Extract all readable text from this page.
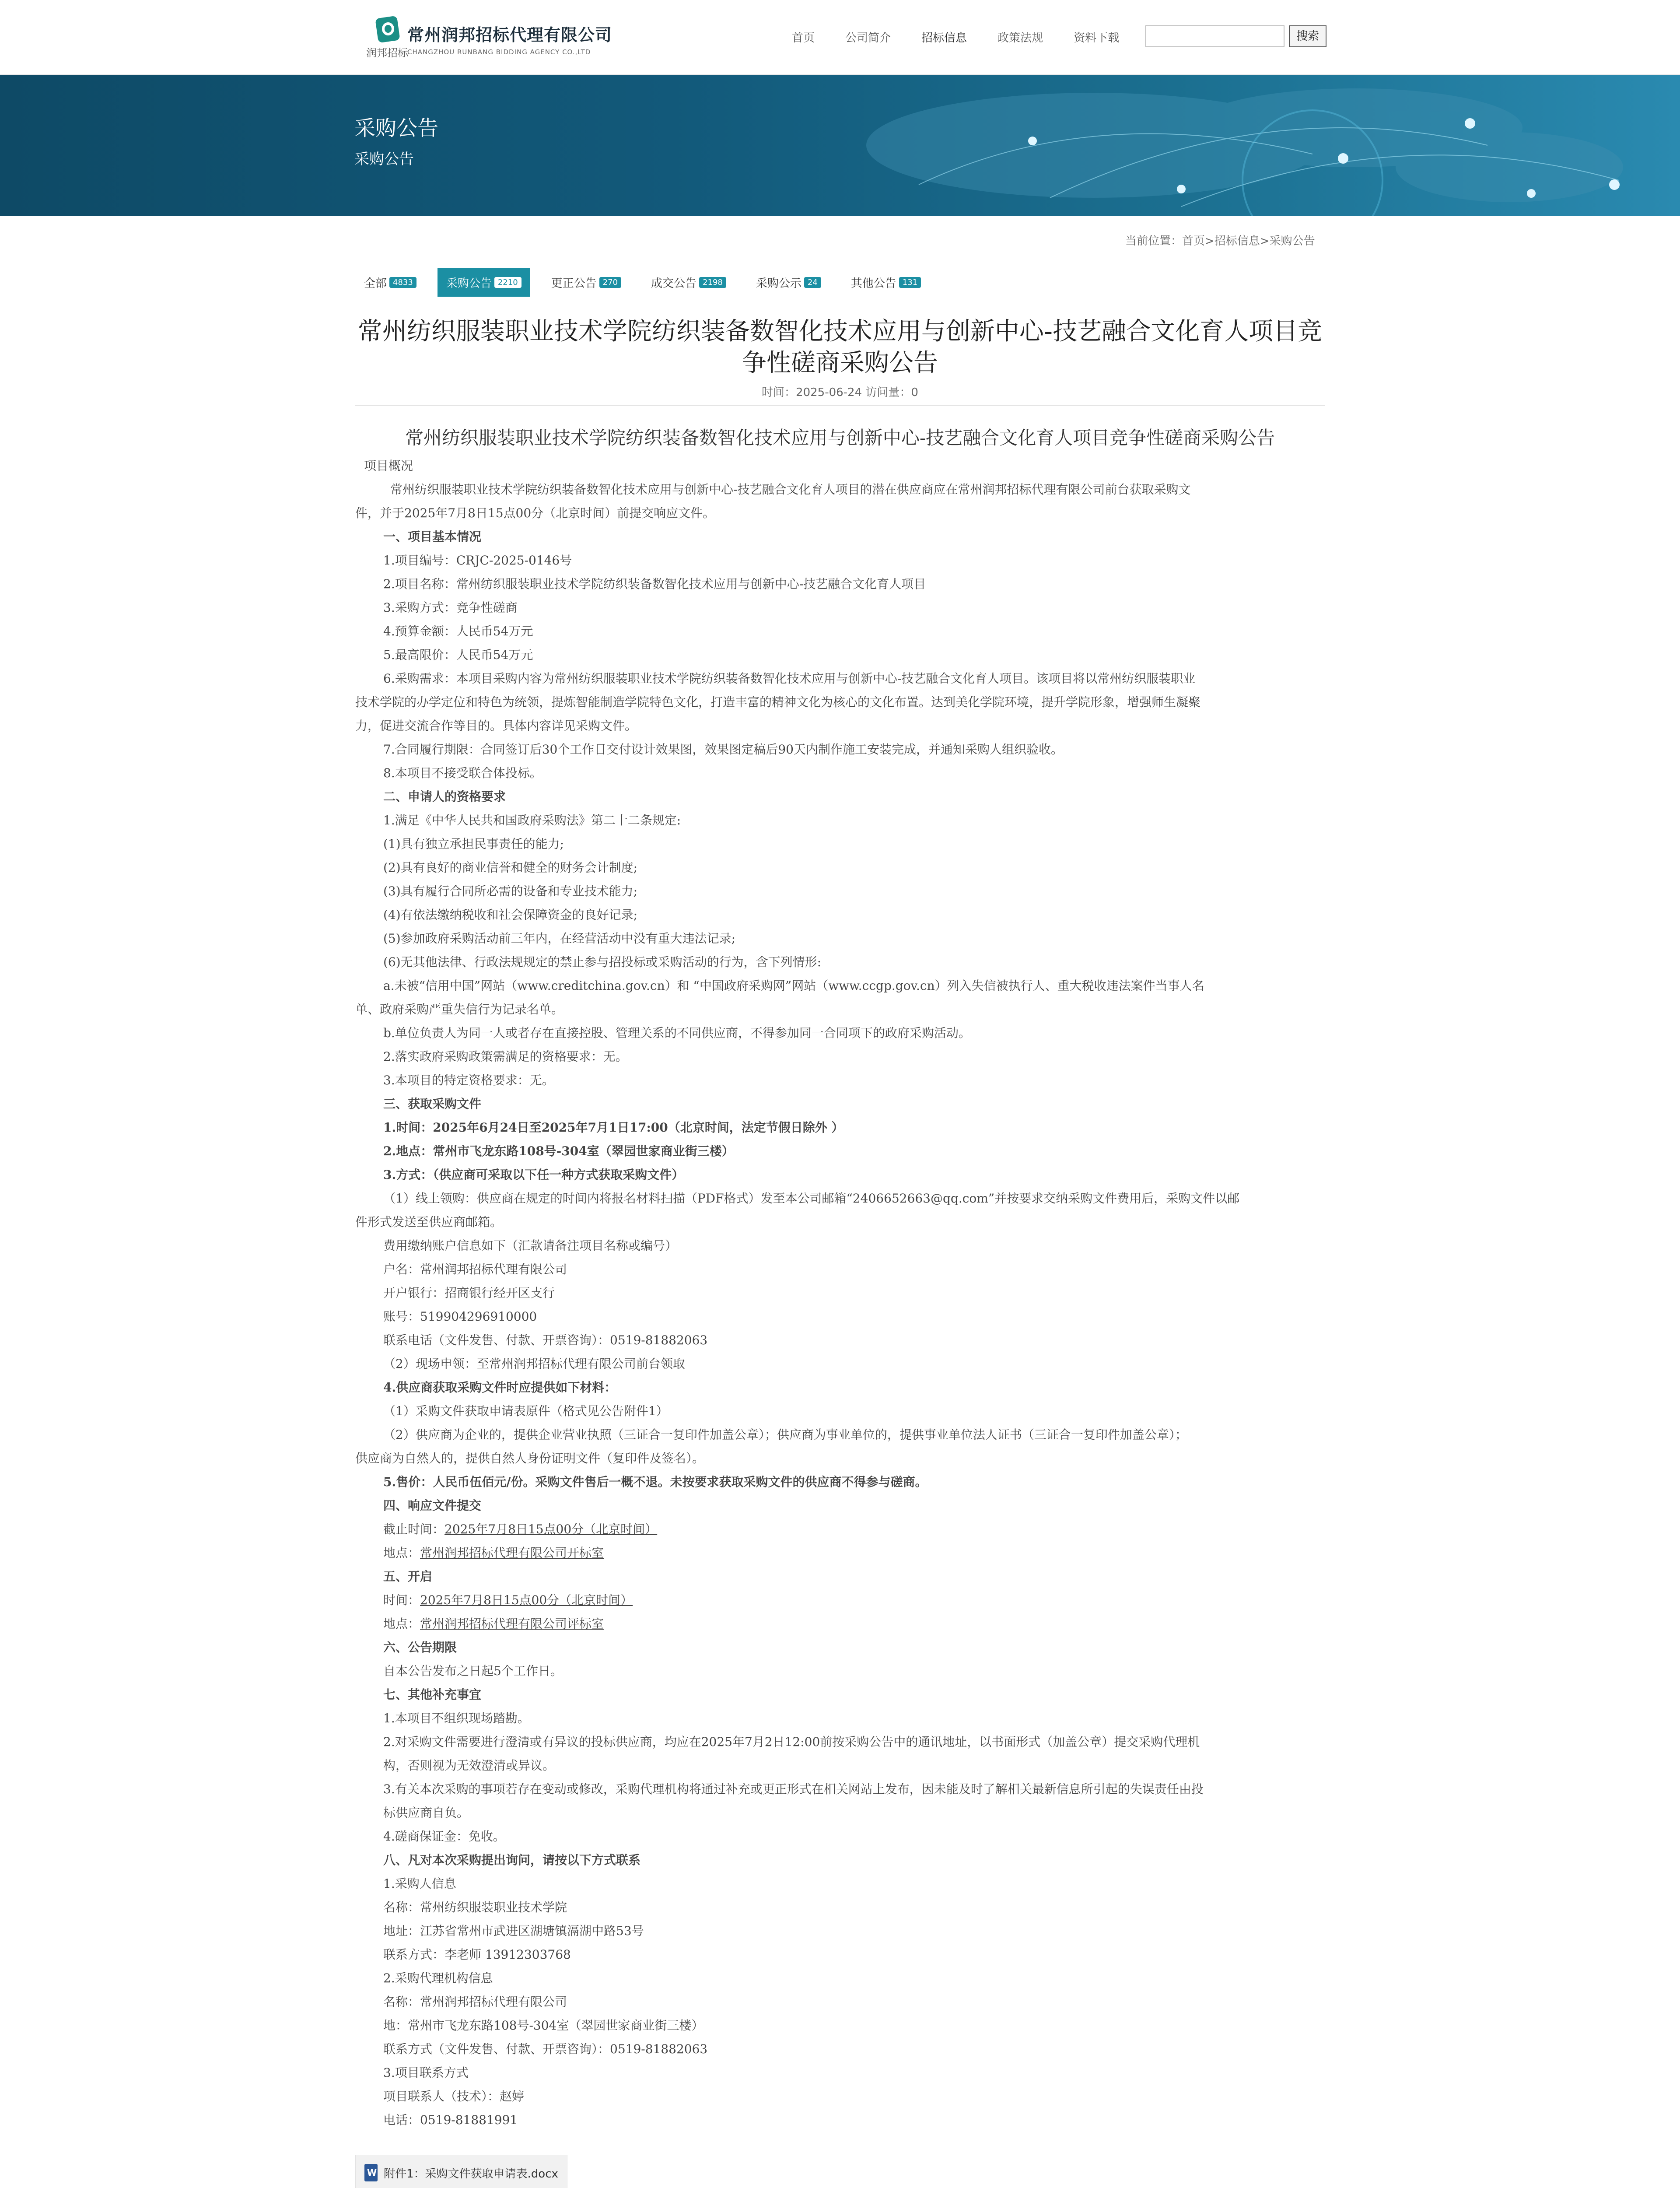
润邦招标
常州润邦招标代理有限公司
CHANGZHOU RUNBANG BIDDING AGENCY CO.,LTD
首页	公司简介	招标信息	政策法规	资料下载	搜索
采购公告
采购公告
当前位置：首页>招标信息>采购公告
全部 4833	采购公告 2210	更正公告 270	成交公告 2198	采购公示 24	其他公告 131
常州纺织服装职业技术学院纺织装备数智化技术应用与创新中心-技艺融合文化育人项目竞
争性磋商采购公告
时间：2025-06-24 访问量：0
常州纺织服装职业技术学院纺织装备数智化技术应用与创新中心-技艺融合文化育人项目竞争性磋商采购公告

项目概况

常州纺织服装职业技术学院纺织装备数智化技术应用与创新中心-技艺融合文化育人项目的潜在供应商应在常州润邦招标代理有限公司前台获取采购文

件，并于2025年7月8日15点00分（北京时间）前提交响应文件。

一、项目基本情况

1.项目编号：CRJC-2025-0146号

2.项目名称：常州纺织服装职业技术学院纺织装备数智化技术应用与创新中心-技艺融合文化育人项目

3.采购方式：竞争性磋商

4.预算金额：人民币54万元

5.最高限价：人民币54万元

6.采购需求：本项目采购内容为常州纺织服装职业技术学院纺织装备数智化技术应用与创新中心-技艺融合文化育人项目。该项目将以常州纺织服装职业

技术学院的办学定位和特色为统领，提炼智能制造学院特色文化，打造丰富的精神文化为核心的文化布置。达到美化学院环境，提升学院形象，增强师生凝聚

力，促进交流合作等目的。具体内容详见采购文件。

7.合同履行期限：合同签订后30个工作日交付设计效果图，效果图定稿后90天内制作施工安装完成，并通知采购人组织验收。

8.本项目不接受联合体投标。

二、申请人的资格要求

1.满足《中华人民共和国政府采购法》第二十二条规定:

(1)具有独立承担民事责任的能力;

(2)具有良好的商业信誉和健全的财务会计制度;

(3)具有履行合同所必需的设备和专业技术能力;

(4)有依法缴纳税收和社会保障资金的良好记录;

(5)参加政府采购活动前三年内，在经营活动中没有重大违法记录;

(6)无其他法律、行政法规规定的禁止参与招投标或采购活动的行为，含下列情形:

a.未被“信用中国”网站（www.creditchina.gov.cn）和 “中国政府采购网”网站（www.ccgp.gov.cn）列入失信被执行人、重大税收违法案件当事人名

单、政府采购严重失信行为记录名单。

b.单位负责人为同一人或者存在直接控股、管理关系的不同供应商，不得参加同一合同项下的政府采购活动。

2.落实政府采购政策需满足的资格要求：无。

3.本项目的特定资格要求：无。

三、获取采购文件

1.时间：2025年6月24日至2025年7月1日17:00（北京时间，法定节假日除外 ）

2.地点：常州市飞龙东路108号-304室（翠园世家商业街三楼）

3.方式：（供应商可采取以下任一种方式获取采购文件）

（1）线上领购：供应商在规定的时间内将报名材料扫描（PDF格式）发至本公司邮箱“2406652663@qq.com”并按要求交纳采购文件费用后，采购文件以邮

件形式发送至供应商邮箱。

费用缴纳账户信息如下（汇款请备注项目名称或编号）

户名：常州润邦招标代理有限公司

开户银行：招商银行经开区支行

账号：519904296910000

联系电话（文件发售、付款、开票咨询）：0519-81882063

（2）现场申领：至常州润邦招标代理有限公司前台领取

4.供应商获取采购文件时应提供如下材料：

（1）采购文件获取申请表原件（格式见公告附件1）

（2）供应商为企业的，提供企业营业执照（三证合一复印件加盖公章）；供应商为事业单位的，提供事业单位法人证书（三证合一复印件加盖公章）；

供应商为自然人的，提供自然人身份证明文件（复印件及签名）。

5.售价：人民币伍佰元/份。采购文件售后一概不退。未按要求获取采购文件的供应商不得参与磋商。

四、响应文件提交

截止时间：2025年7月8日15点00分（北京时间）

地点：常州润邦招标代理有限公司开标室

五、开启

时间：2025年7月8日15点00分（北京时间）

地点：常州润邦招标代理有限公司评标室

六、公告期限

自本公告发布之日起5个工作日。

七、其他补充事宜

1.本项目不组织现场踏勘。

2.对采购文件需要进行澄清或有异议的投标供应商，均应在2025年7月2日12:00前按采购公告中的通讯地址，以书面形式（加盖公章）提交采购代理机

构，否则视为无效澄清或异议。

3.有关本次采购的事项若存在变动或修改，采购代理机构将通过补充或更正形式在相关网站上发布，因未能及时了解相关最新信息所引起的失误责任由投

标供应商自负。

4.磋商保证金：免收。

八、凡对本次采购提出询问，请按以下方式联系

1.采购人信息

名称：常州纺织服装职业技术学院

地址：江苏省常州市武进区湖塘镇滆湖中路53号

联系方式：李老师 13912303768

2.采购代理机构信息

名称：常州润邦招标代理有限公司

地：常州市飞龙东路108号-304室（翠园世家商业街三楼）

联系方式（文件发售、付款、开票咨询）：0519-81882063

3.项目联系方式

项目联系人（技术）：赵婷

电话：0519-81881991

W
附件1：采购文件获取申请表.docx
